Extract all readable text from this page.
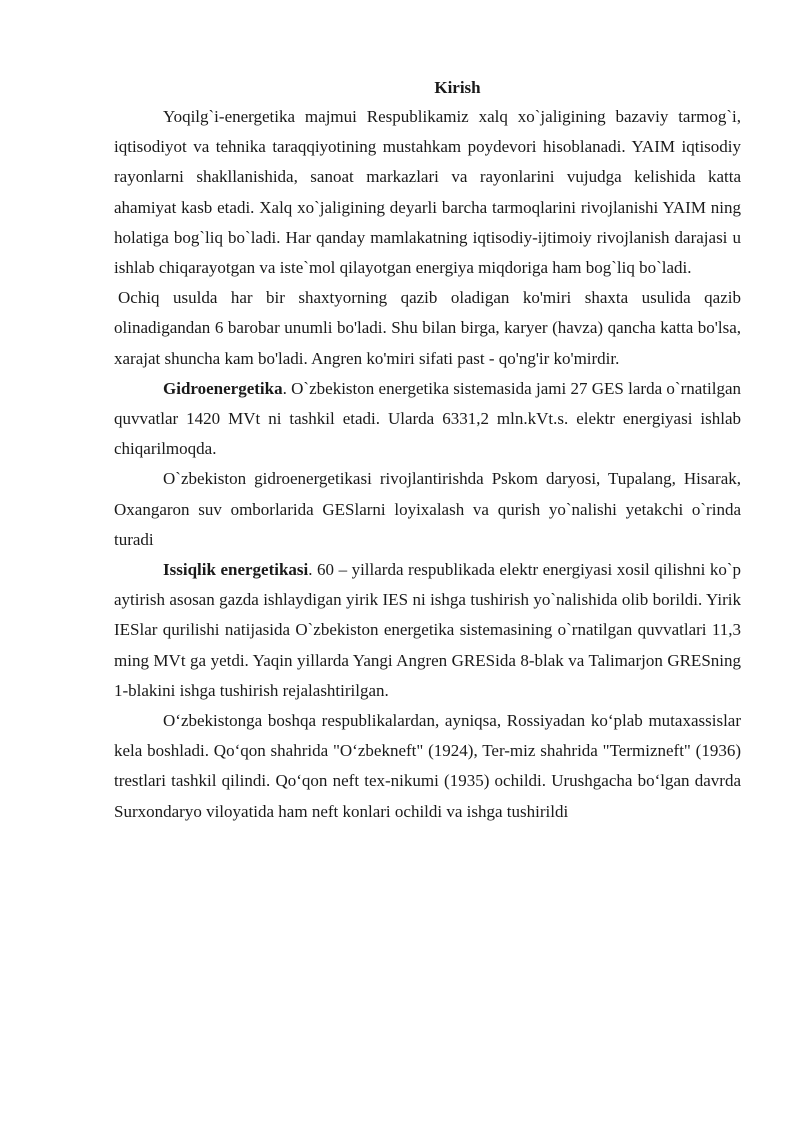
Kirish

Yoqilg`i-energetika majmui Respublikamiz xalq xo`jaligining bazaviy tarmog`i, iqtisodiyot va tehnika taraqqiyotining mustahkam poydevori hisoblanadi. YAIM iqtisodiy rayonlarni shakllanishida, sanoat markazlari va rayonlarini vujudga kelishida katta ahamiyat kasb etadi. Xalq xo`jaligining deyarli barcha tarmoqlarini rivojlanishi YAIM ning holatiga bog`liq bo`ladi. Har qanday mamlakatning iqtisodiy-ijtimoiy rivojlanish darajasi u ishlab chiqarayotgan va iste`mol qilayotgan energiya miqdoriga ham bog`liq bo`ladi.

Ochiq usulda har bir shaxtyorning qazib oladigan ko'miri shaxta usulida qazib olinadigandan 6 barobar unumli bo'ladi. Shu bilan birga, karyer (havza) qancha katta bo'lsa, xarajat shuncha kam bo'ladi. Angren ko'miri sifati past - qo'ng'ir ko'mirdir.

Gidroenergetika. O`zbekiston energetika sistemasida jami 27 GES larda o`rnatilgan quvvatlar 1420 MVt ni tashkil etadi. Ularda 6331,2 mln.kVt.s. elektr energiyasi ishlab chiqarilmoqda.

O`zbekiston gidroenergetikasi rivojlantirishda Pskom daryosi, Tupalang, Hisarak, Oxangaron suv omborlarida GESlarni loyixalash va qurish yo`nalishi yetakchi o`rinda turadi

Issiqlik energetikasi. 60 – yillarda respublikada elektr energiyasi xosil qilishni ko`p aytirish asosan gazda ishlaydigan yirik IES ni ishga tushirish yo`nalishida olib borildi. Yirik IESlar qurilishi natijasida O`zbekiston energetika sistemasining o`rnatilgan quvvatlari 11,3 ming MVt ga yetdi. Yaqin yillarda Yangi Angren GRESida 8-blak va Talimarjon GRESning 1-blakini ishga tushirish rejalashtirilgan.

O‘zbekistonga boshqa respublikalardan, ayniqsa, Rossiyadan ko‘plab mutaxassislar kela boshladi. Qo‘qon shahrida "O‘zbekneft" (1924), Ter-miz shahrida "Termizneft" (1936) trestlari tashkil qilindi. Qo‘qon neft tex-nikumi (1935) ochildi. Urushgacha bo‘lgan davrda Surxondaryo viloyatida ham neft konlari ochildi va ishga tushirildi
